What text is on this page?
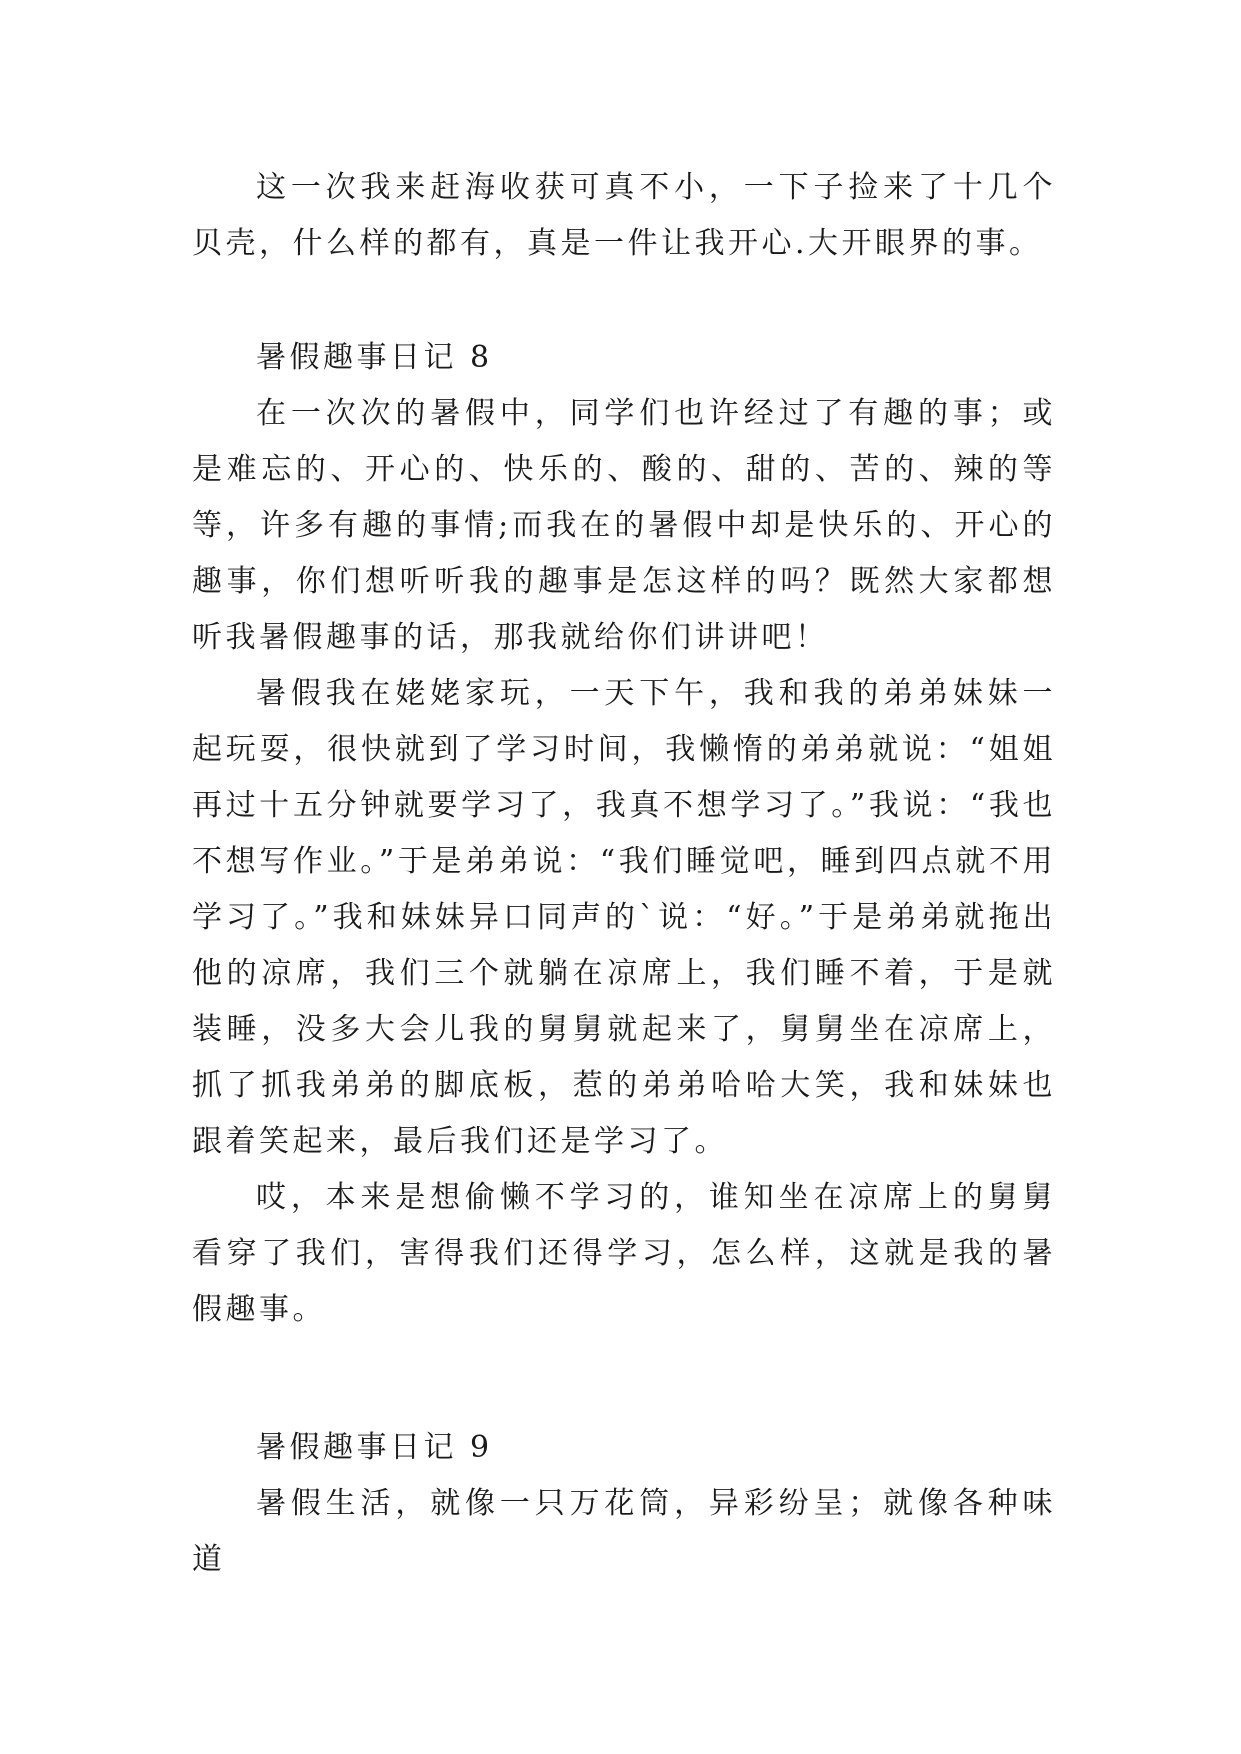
这一次我来赶海收获可真不小，一下子捡来了十几个贝壳，什么样的都有，真是一件让我开心.大开眼界的事。

暑假趣事日记 8

在一次次的暑假中，同学们也许经过了有趣的事；或是难忘的、开心的、快乐的、酸的、甜的、苦的、辣的等等，许多有趣的事情;而我在的暑假中却是快乐的、开心的趣事，你们想听听我的趣事是怎这样的吗？既然大家都想听我暑假趣事的话，那我就给你们讲讲吧！

暑假我在姥姥家玩，一天下午，我和我的弟弟妹妹一起玩耍，很快就到了学习时间，我懒惰的弟弟就说：“姐姐再过十五分钟就要学习了，我真不想学习了。”我说：“我也不想写作业。”于是弟弟说：“我们睡觉吧，睡到四点就不用学习了。”我和妹妹异口同声的`说：“好。”于是弟弟就拖出他的凉席，我们三个就躺在凉席上，我们睡不着，于是就装睡，没多大会儿我的舅舅就起来了，舅舅坐在凉席上，抓了抓我弟弟的脚底板，惹的弟弟哈哈大笑，我和妹妹也跟着笑起来，最后我们还是学习了。

哎，本来是想偷懒不学习的，谁知坐在凉席上的舅舅看穿了我们，害得我们还得学习，怎么样，这就是我的暑假趣事。

暑假趣事日记 9

暑假生活，就像一只万花筒，异彩纷呈；就像各种味道
